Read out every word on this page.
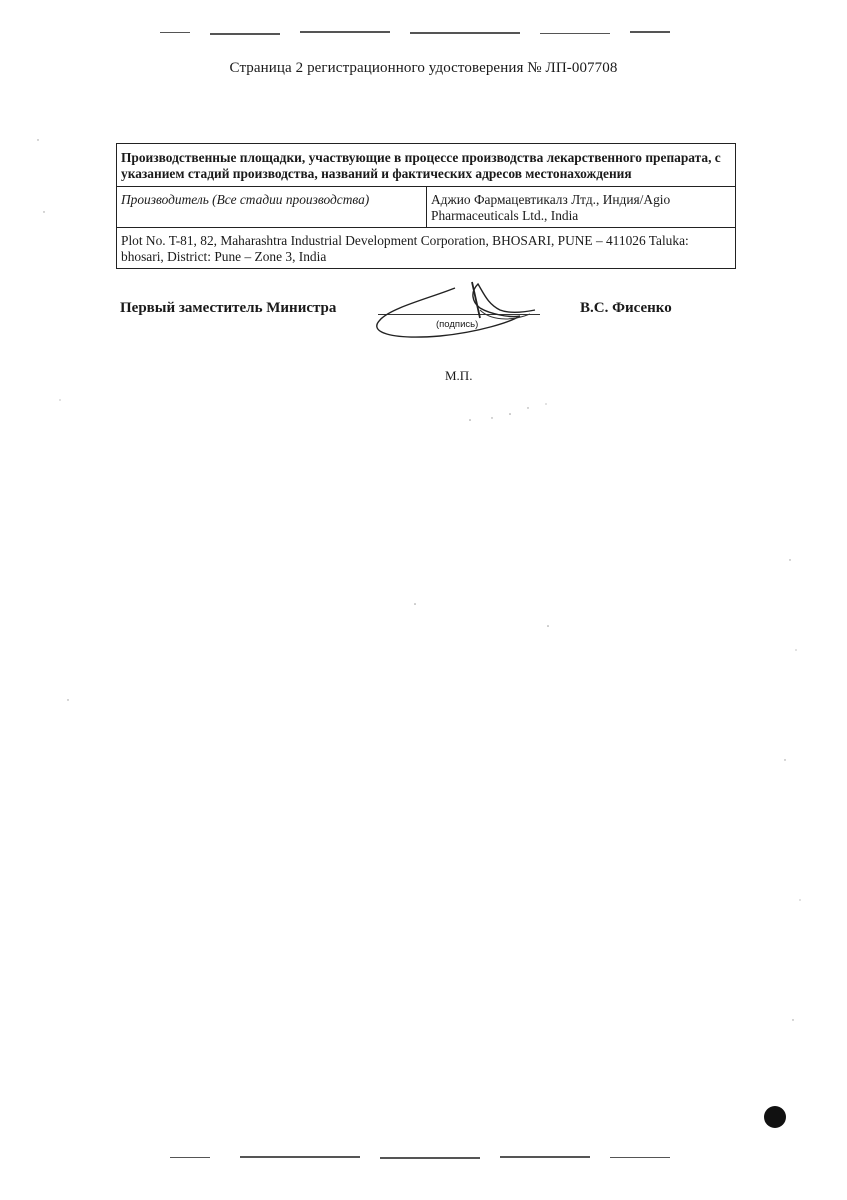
Страница 2 регистрационного удостоверения № ЛП-007708
Производственные площадки, участвующие в процессе производства лекарственного препарата, с указанием стадий производства, названий и фактических адресов местонахождения
Производитель (Все стадии производства)	Аджио Фармацевтикалз Лтд., Индия/Agio Pharmaceuticals Ltd., India
Plot No. T-81, 82, Maharashtra Industrial Development Corporation, BHOSARI, PUNE – 411026 Taluka: bhosari, District: Pune – Zone 3, India
Первый заместитель Министра
(подпись)
В.С. Фисенко
М.П.
